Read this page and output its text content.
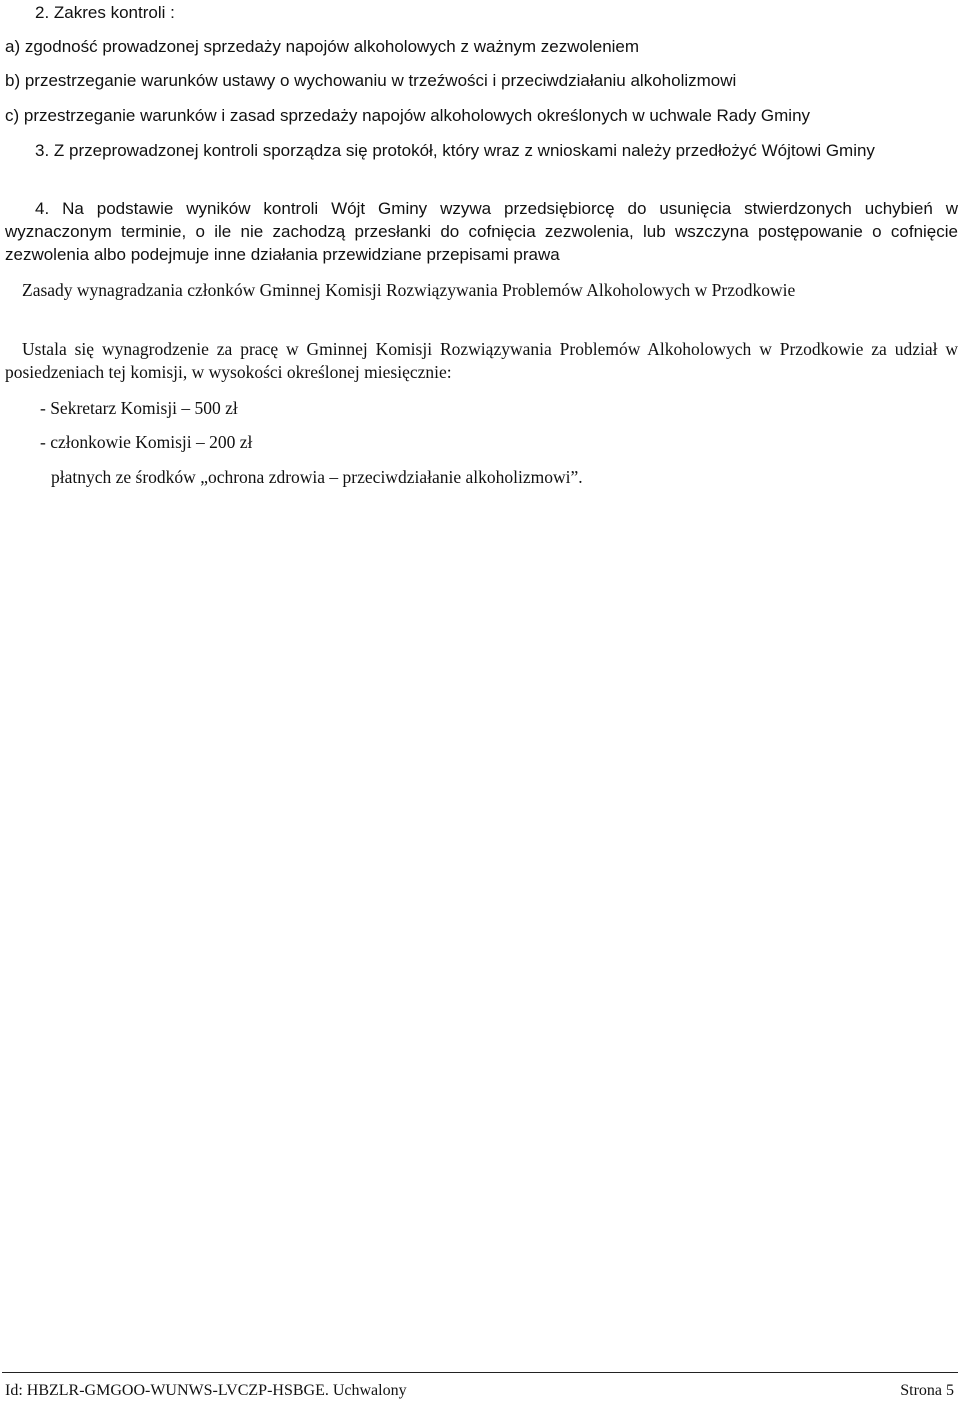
2. Zakres kontroli :

a) zgodność prowadzonej sprzedaży napojów alkoholowych z ważnym zezwoleniem

b) przestrzeganie warunków ustawy o wychowaniu w trzeźwości i przeciwdziałaniu alkoholizmowi

c) przestrzeganie warunków i zasad sprzedaży napojów alkoholowych określonych w uchwale Rady Gminy

3. Z przeprowadzonej kontroli sporządza się protokół, który wraz z wnioskami należy przedłożyć Wójtowi Gminy

4. Na podstawie wyników kontroli Wójt Gminy wzywa przedsiębiorcę do usunięcia stwierdzonych uchybień w wyznaczonym terminie, o ile nie zachodzą przesłanki do cofnięcia zezwolenia, lub wszczyna postępowanie o cofnięcie zezwolenia albo podejmuje inne działania przewidziane przepisami prawa

Zasady wynagradzania członków Gminnej Komisji Rozwiązywania Problemów Alkoholowych w Przodkowie

Ustala się wynagrodzenie za pracę w Gminnej Komisji Rozwiązywania Problemów Alkoholowych w Przodkowie za udział w posiedzeniach tej komisji, w wysokości określonej miesięcznie:

- Sekretarz Komisji – 500 zł

- członkowie Komisji – 200 zł

płatnych ze środków „ochrona zdrowia – przeciwdziałanie alkoholizmowi”.

Id: HBZLR-GMGOO-WUNWS-LVCZP-HSBGE. Uchwalony	Strona 5
